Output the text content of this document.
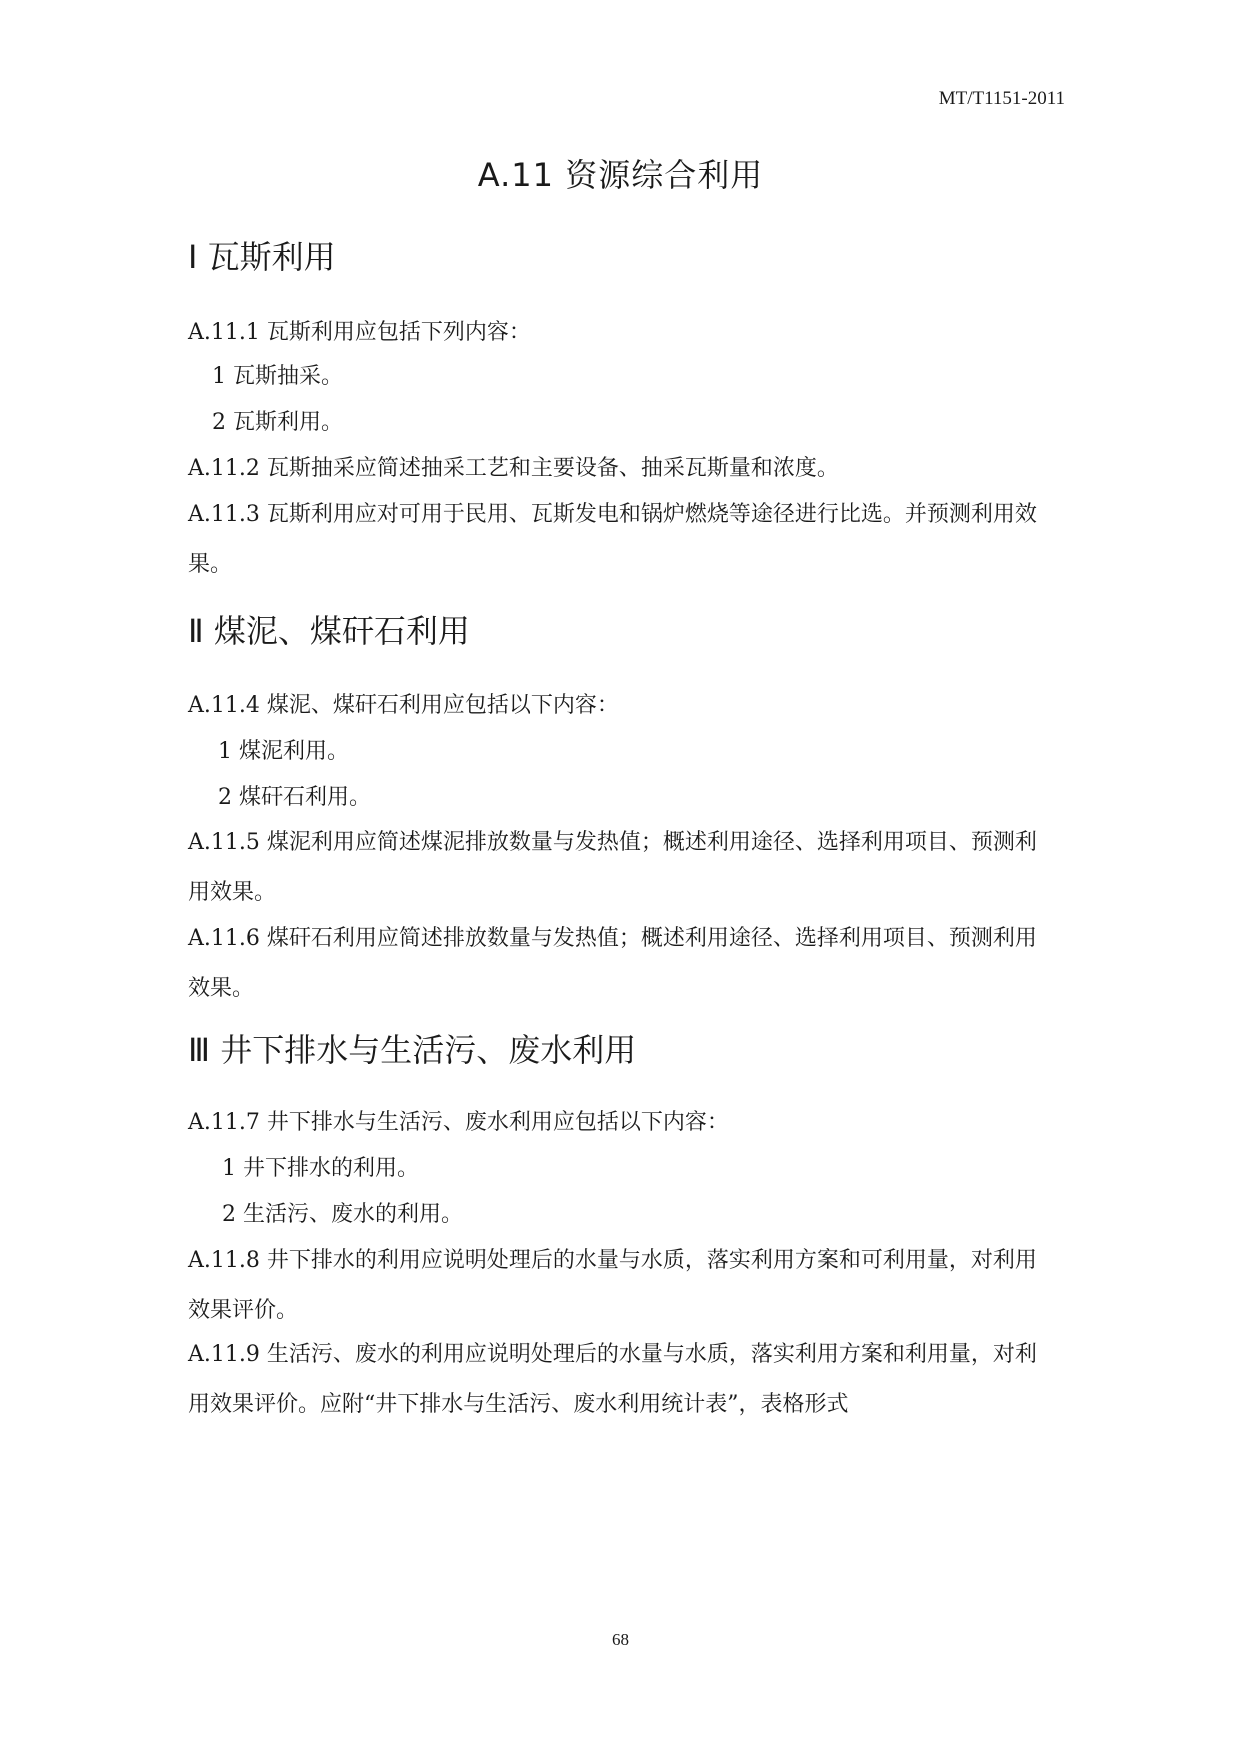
MT/T1151-2011
A.11 资源综合利用
Ⅰ 瓦斯利用
A.11.1 瓦斯利用应包括下列内容：
1 瓦斯抽采。
2 瓦斯利用。
A.11.2 瓦斯抽采应简述抽采工艺和主要设备、抽采瓦斯量和浓度。
A.11.3 瓦斯利用应对可用于民用、瓦斯发电和锅炉燃烧等途径进行比选。并预测利用效果。
Ⅱ 煤泥、煤矸石利用
A.11.4 煤泥、煤矸石利用应包括以下内容：
1 煤泥利用。
2 煤矸石利用。
A.11.5 煤泥利用应简述煤泥排放数量与发热值；概述利用途径、选择利用项目、预测利用效果。
A.11.6 煤矸石利用应简述排放数量与发热值；概述利用途径、选择利用项目、预测利用效果。
Ⅲ 井下排水与生活污、废水利用
A.11.7 井下排水与生活污、废水利用应包括以下内容：
1 井下排水的利用。
2 生活污、废水的利用。
A.11.8 井下排水的利用应说明处理后的水量与水质，落实利用方案和可利用量，对利用效果评价。
A.11.9 生活污、废水的利用应说明处理后的水量与水质，落实利用方案和利用量，对利用效果评价。应附“井下排水与生活污、废水利用统计表”，表格形式
68
